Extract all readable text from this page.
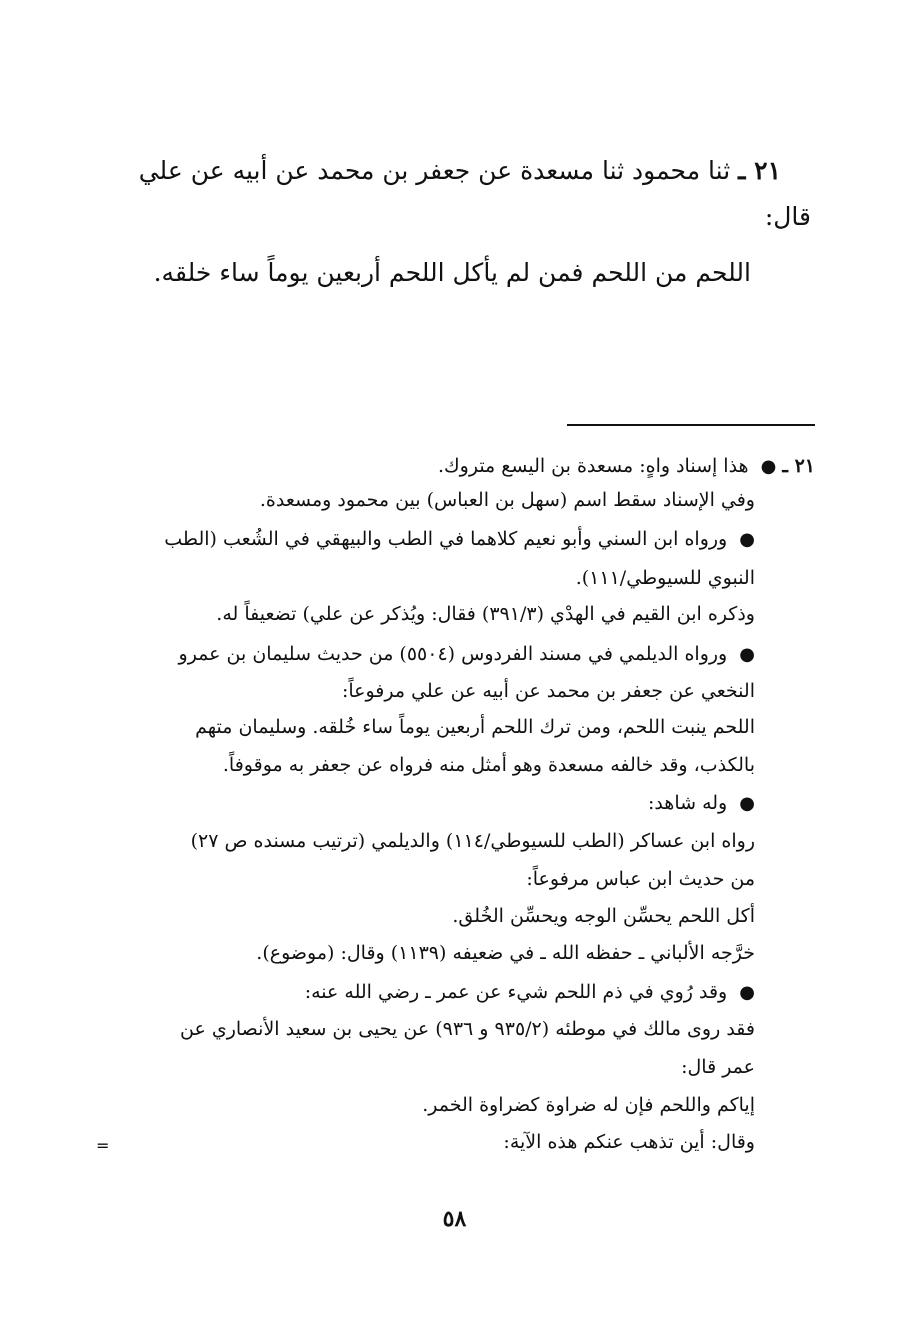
٢١ ـ ثنا محمود ثنا مسعدة عن جعفر بن محمد عن أبيه عن علي
قال:
اللحم من اللحم فمن لم يأكل اللحم أربعين يوماً ساء خلقه.
٢١ ـ ● هذا إسناد واهٍ: مسعدة بن اليسع متروك.
وفي الإسناد سقط اسم (سهل بن العباس) بين محمود ومسعدة.
● ورواه ابن السني وأبو نعيم كلاهما في الطب والبيهقي في الشُعب (الطب
النبوي للسيوطي/١١١).
وذكره ابن القيم في الهدْي (٣٩١/٣) فقال: ويُذكر عن علي) تضعيفاً له.
● ورواه الديلمي في مسند الفردوس (٥٥٠٤) من حديث سليمان بن عمرو
النخعي عن جعفر بن محمد عن أبيه عن علي مرفوعاً:
اللحم ينبت اللحم، ومن ترك اللحم أربعين يوماً ساء خُلقه. وسليمان متهم
بالكذب، وقد خالفه مسعدة وهو أمثل منه فرواه عن جعفر به موقوفاً.
● وله شاهد:
رواه ابن عساكر (الطب للسيوطي/١١٤) والديلمي (ترتيب مسنده ص ٢٧)
من حديث ابن عباس مرفوعاً:
أكل اللحم يحسِّن الوجه ويحسِّن الخُلق.
خرَّجه الألباني ـ حفظه الله ـ في ضعيفه (١١٣٩) وقال: (موضوع).
● وقد رُوي في ذم اللحم شيء عن عمر ـ رضي الله عنه:
فقد روى مالك في موطئه (٩٣٥/٢ و ٩٣٦) عن يحيى بن سعيد الأنصاري عن
عمر قال:
إياكم واللحم فإن له ضراوة كضراوة الخمر.
وقال: أين تذهب عنكم هذه الآية:
=
٥٨
